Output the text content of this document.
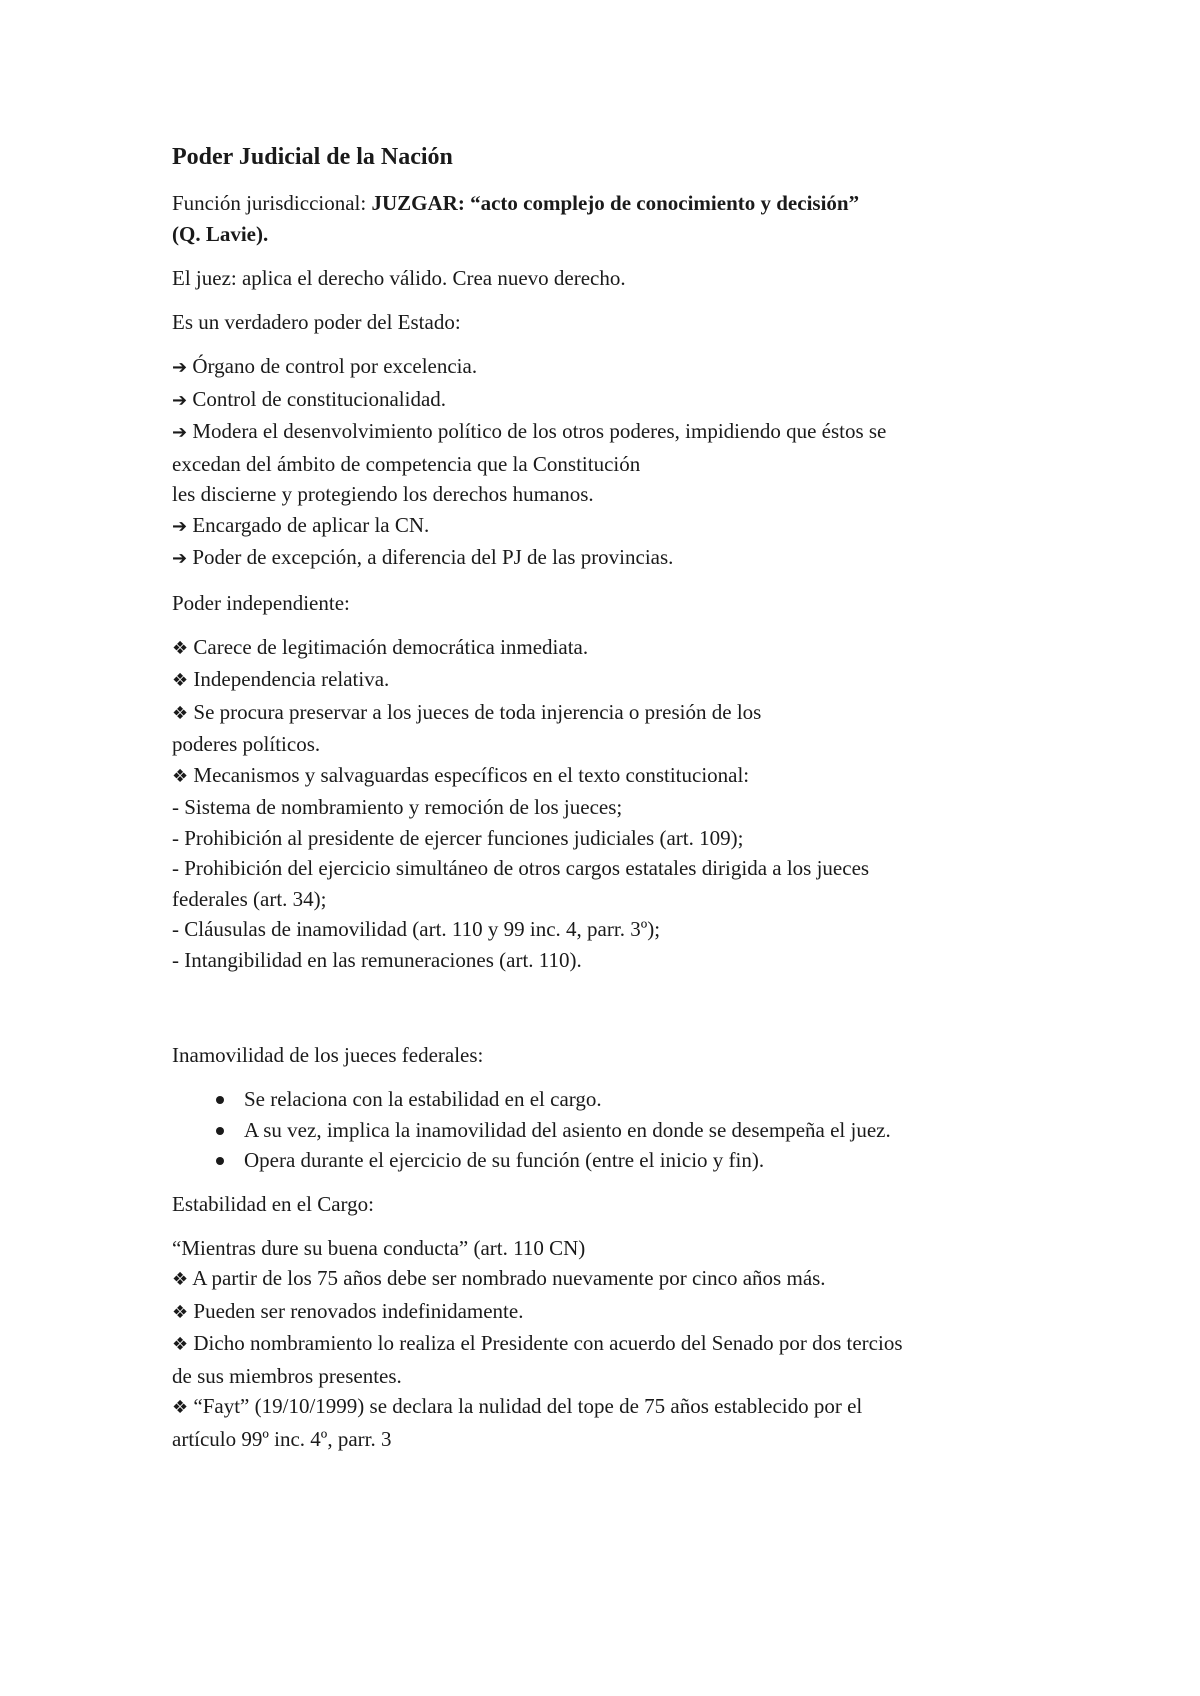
Poder Judicial de la Nación
Función jurisdiccional: JUZGAR: “acto complejo de conocimiento y decisión”
(Q. Lavie).
El juez: aplica el derecho válido. Crea nuevo derecho.
Es un verdadero poder del Estado:
➔ Órgano de control por excelencia.
➔ Control de constitucionalidad.
➔ Modera el desenvolvimiento político de los otros poderes, impidiendo que éstos se
excedan del ámbito de competencia que la Constitución
les discierne y protegiendo los derechos humanos.
➔ Encargado de aplicar la CN.
➔ Poder de excepción, a diferencia del PJ de las provincias.
Poder independiente:
❖ Carece de legitimación democrática inmediata.
❖ Independencia relativa.
❖ Se procura preservar a los jueces de toda injerencia o presión de los
poderes políticos.
❖ Mecanismos y salvaguardas específicos en el texto constitucional:
- Sistema de nombramiento y remoción de los jueces;
- Prohibición al presidente de ejercer funciones judiciales (art. 109);
- Prohibición del ejercicio simultáneo de otros cargos estatales dirigida a los jueces
federales (art. 34);
- Cláusulas de inamovilidad (art. 110 y 99 inc. 4, parr. 3º);
- Intangibilidad en las remuneraciones (art. 110).
Inamovilidad de los jueces federales:
Se relaciona con la estabilidad en el cargo.
A su vez, implica la inamovilidad del asiento en donde se desempeña el juez.
Opera durante el ejercicio de su función (entre el inicio y fin).
Estabilidad en el Cargo:
“Mientras dure su buena conducta” (art. 110 CN)
❖ A partir de los 75 años debe ser nombrado nuevamente por cinco años más.
❖ Pueden ser renovados indefinidamente.
❖ Dicho nombramiento lo realiza el Presidente con acuerdo del Senado por dos tercios
de sus miembros presentes.
❖ “Fayt” (19/10/1999) se declara la nulidad del tope de 75 años establecido por el
artículo 99º inc. 4º, parr. 3
